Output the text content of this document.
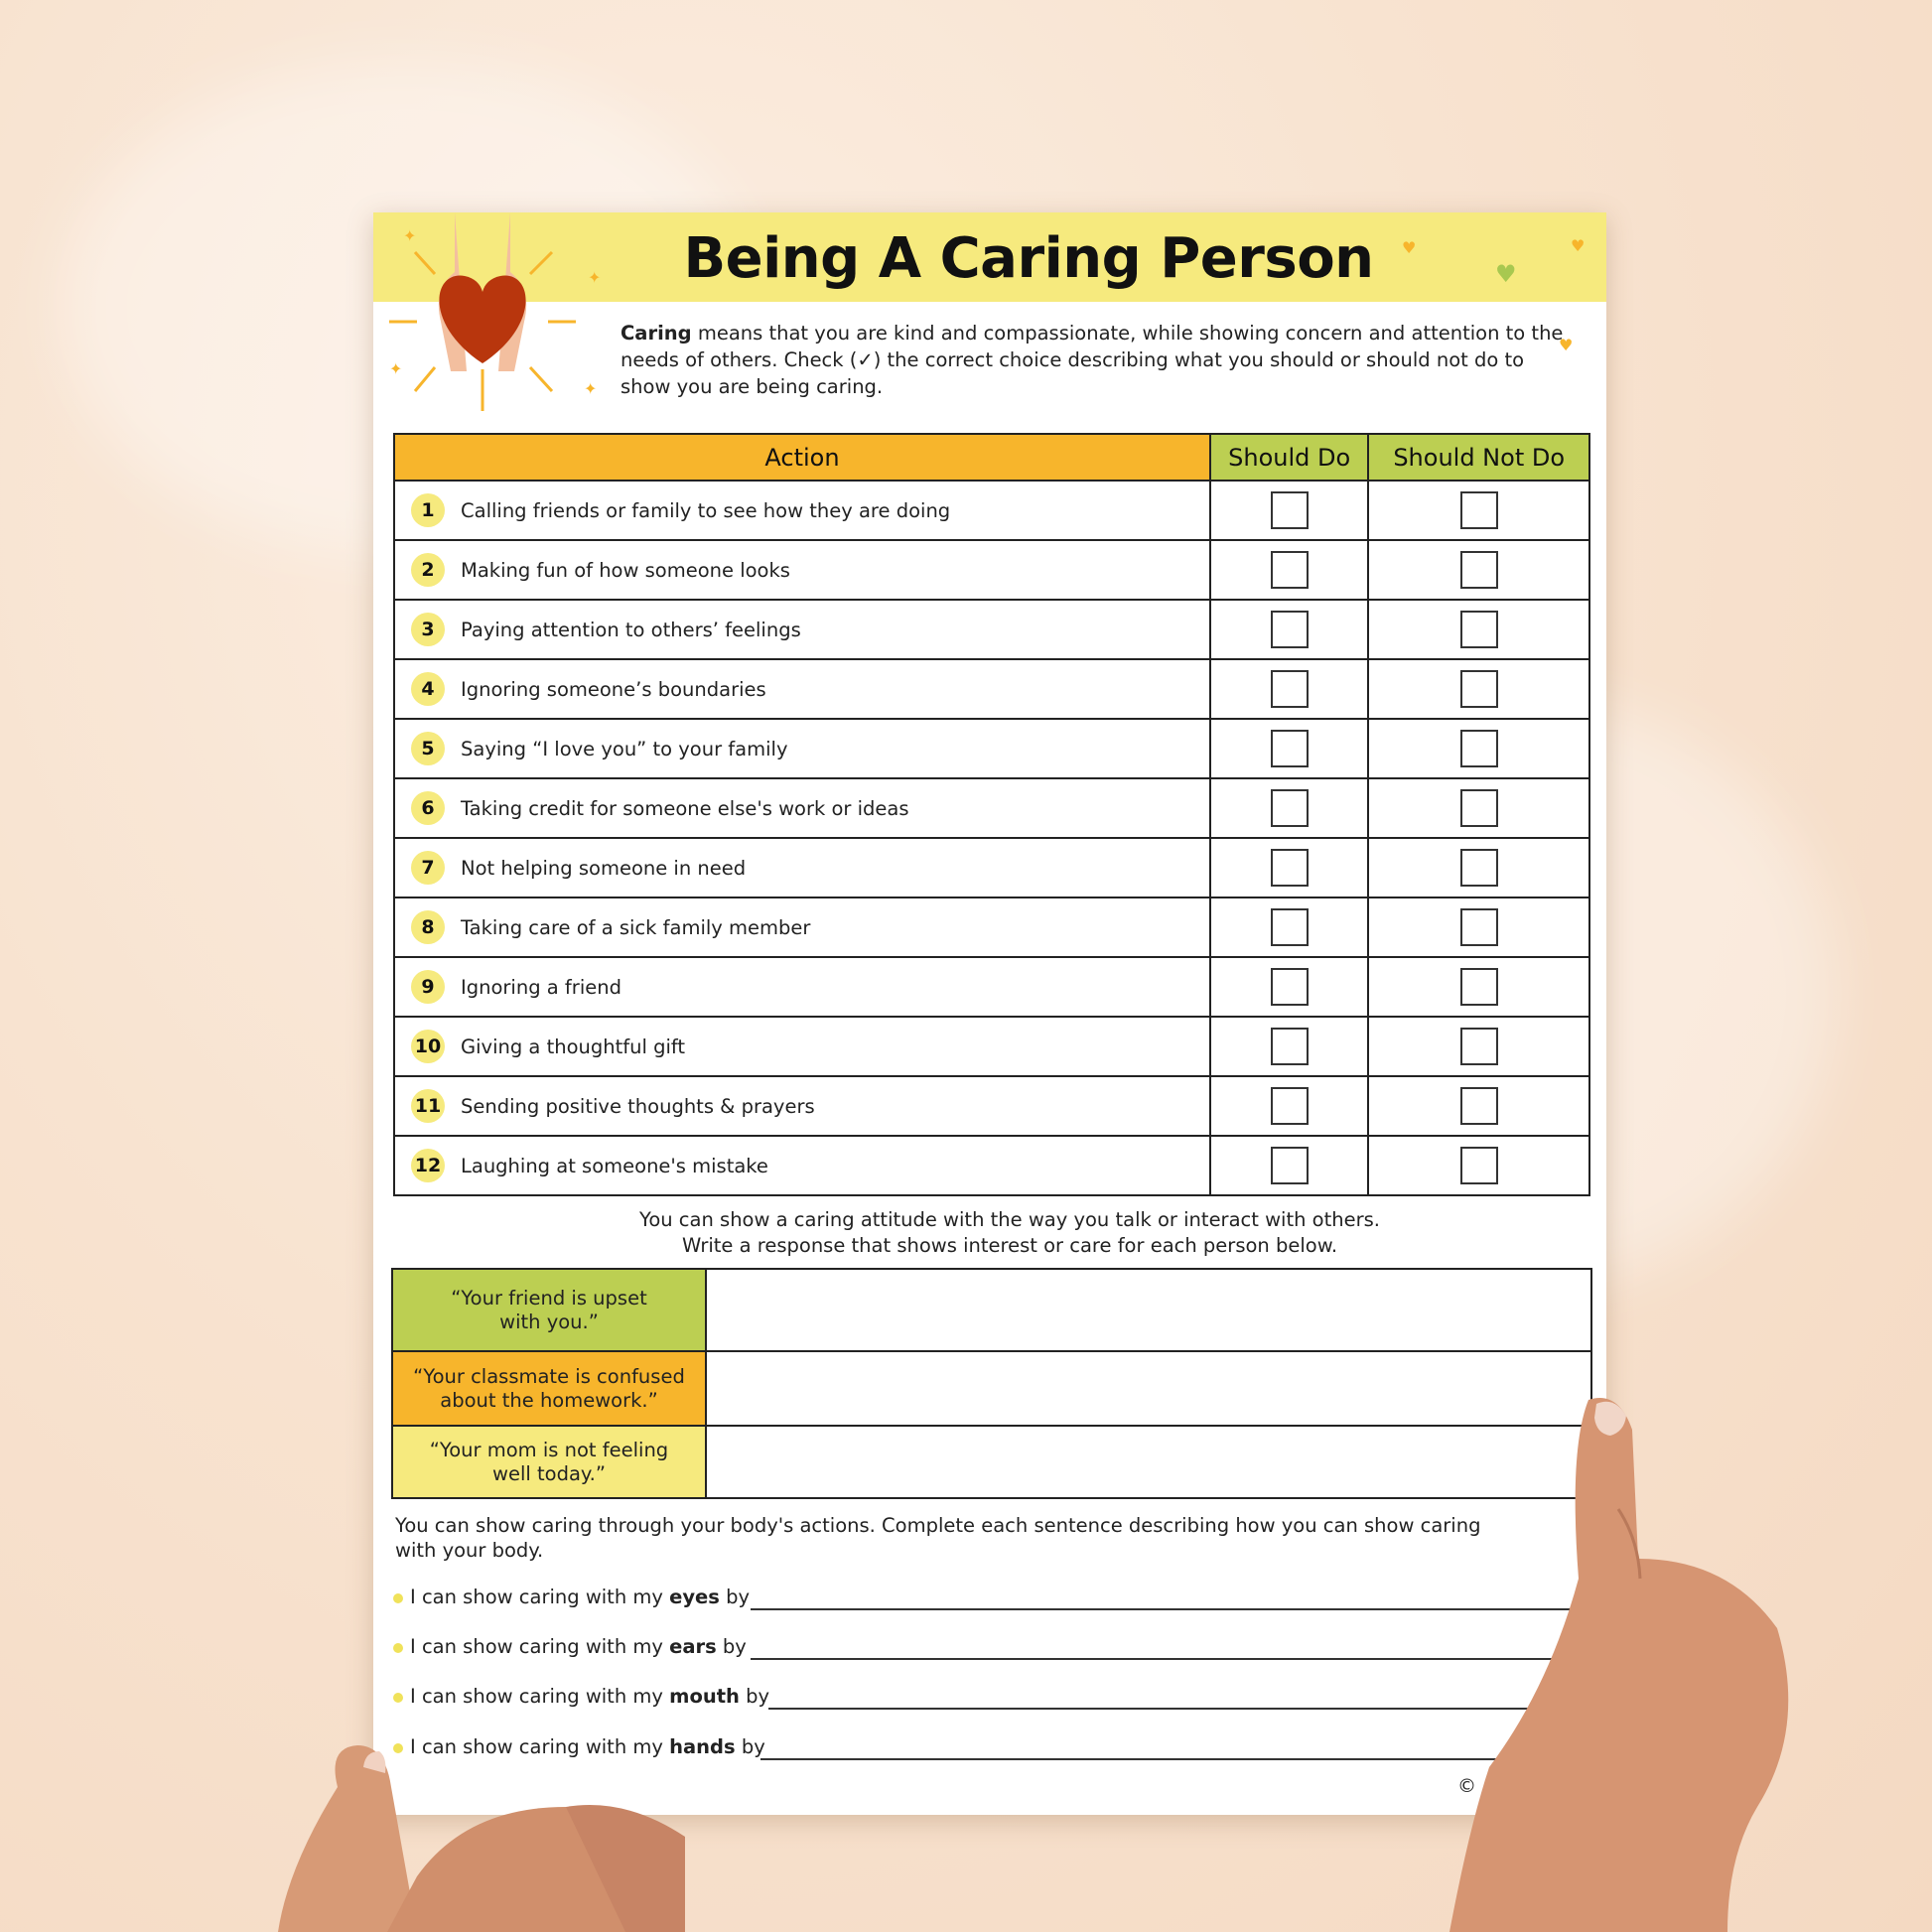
Being A Caring Person
✦
✦
✦
✦
♥
♥
♥
♥
Caring means that you are kind and compassionate, while showing concern and attention to the needs of others. Check (✓) the correct choice describing what you should or should not do to show you are being caring.
Action	Should Do	Should Not Do
1 Calling friends or family to see how they are doing		
2 Making fun of how someone looks		
3 Paying attention to others’ feelings		
4 Ignoring someone’s boundaries		
5 Saying “I love you” to your family		
6 Taking credit for someone else's work or ideas		
7 Not helping someone in need		
8 Taking care of a sick family member		
9 Ignoring a friend		
10 Giving a thoughtful gift		
11 Sending positive thoughts & prayers		
12 Laughing at someone's mistake		
You can show a caring attitude with the way you talk or interact with others.
Write a response that shows interest or care for each person below.
“Your friend is upset
with you.”	

“Your classmate is confused
about the homework.”	

“Your mom is not feeling
well today.”	

You can show caring through your body's actions. Complete each sentence describing how you can show caring with your body.
I can show caring with my eyes by
I can show caring with my ears by
I can show caring with my mouth by
I can show caring with my hands by
©
